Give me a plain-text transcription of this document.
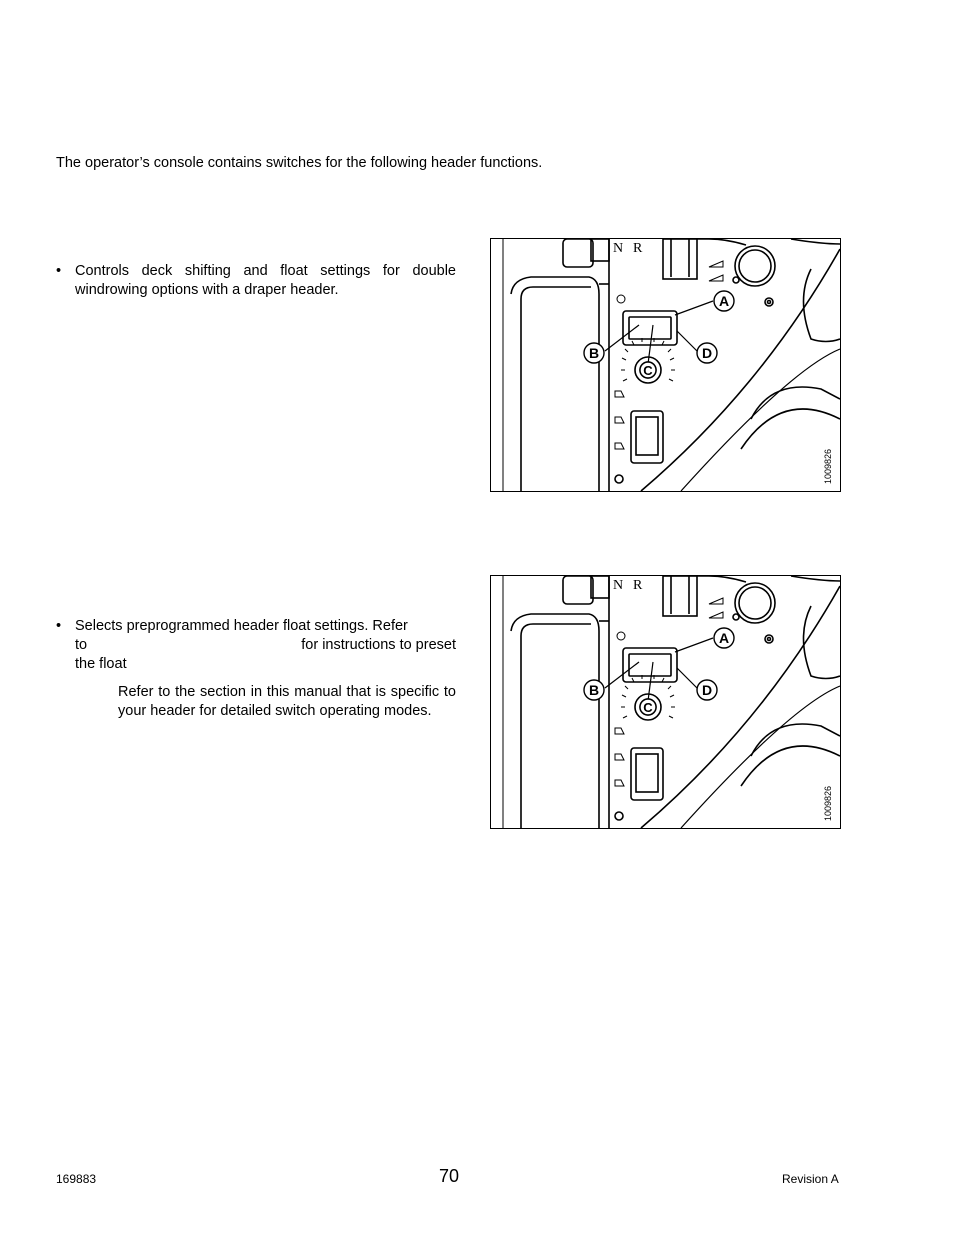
The operator’s console contains switches for the following header functions.
• Controls deck shifting and float settings for double windrowing options with a draper header.
• Selects preprogrammed header float settings. Refer
to	for instructions to preset
the float
Refer to the section in this manual that is specific to your header for detailed switch operating modes.
N R
A
B	D
C
1009826
N R
A
B	D
C
1009826
169883	70	Revision A
